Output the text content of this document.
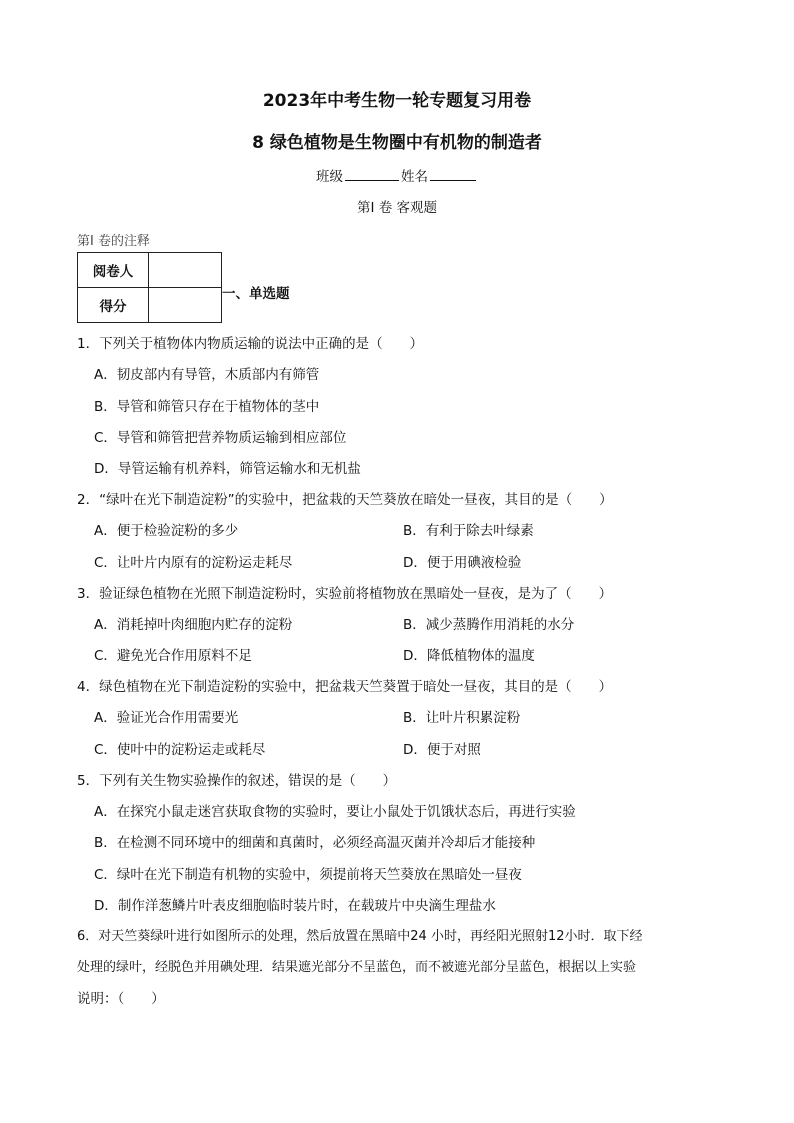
2023年中考生物一轮专题复习用卷
8 绿色植物是生物圈中有机物的制造者
班级	姓名
第Ⅰ 卷 客观题
第Ⅰ 卷的注释
阅卷人	
得分	
一、单选题
1．下列关于植物体内物质运输的说法中正确的是（　　）
A．韧皮部内有导管，木质部内有筛管
B．导管和筛管只存在于植物体的茎中
C．导管和筛管把营养物质运输到相应部位
D．导管运输有机养料，筛管运输水和无机盐
2．“绿叶在光下制造淀粉”的实验中，把盆栽的天竺葵放在暗处一昼夜，其目的是（　　）
A．便于检验淀粉的多少	B．有利于除去叶绿素
C．让叶片内原有的淀粉运走耗尽	D．便于用碘液检验
3．验证绿色植物在光照下制造淀粉时，实验前将植物放在黑暗处一昼夜，是为了（　　）
A．消耗掉叶肉细胞内贮存的淀粉	B．减少蒸腾作用消耗的水分
C．避免光合作用原料不足	D．降低植物体的温度
4．绿色植物在光下制造淀粉的实验中，把盆栽天竺葵置于暗处一昼夜，其目的是（　　）
A．验证光合作用需要光	B．让叶片积累淀粉
C．使叶中的淀粉运走或耗尽	D．便于对照
5．下列有关生物实验操作的叙述，错误的是（　　）
A．在探究小鼠走迷宫获取食物的实验时，要让小鼠处于饥饿状态后，再进行实验
B．在检测不同环境中的细菌和真菌时，必须经高温灭菌并冷却后才能接种
C．绿叶在光下制造有机物的实验中，须提前将天竺葵放在黑暗处一昼夜
D．制作洋葱鳞片叶表皮细胞临时装片时，在载玻片中央滴生理盐水
6．对天竺葵绿叶进行如图所示的处理，然后放置在黑暗中24 小时，再经阳光照射12小时．取下经
处理的绿叶，经脱色并用碘处理．结果遮光部分不呈蓝色，而不被遮光部分呈蓝色，根据以上实验
说明：（　　）
